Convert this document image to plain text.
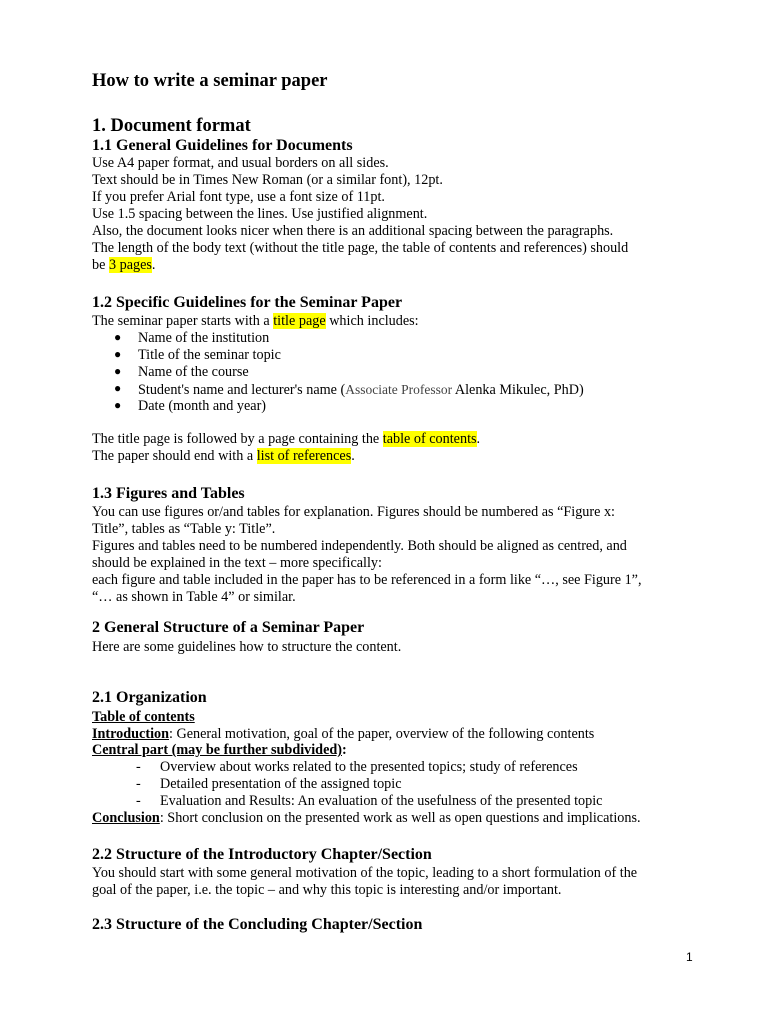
How to write a seminar paper
1. Document format
1.1 General Guidelines for Documents
Use A4 paper format, and usual borders on all sides.
Text should be in Times New Roman (or a similar font), 12pt.
If you prefer Arial font type, use a font size of 11pt.
Use 1.5 spacing between the lines. Use justified alignment.
Also, the document looks nicer when there is an additional spacing between the paragraphs.
The length of the body text (without the title page, the table of contents and references) should
be 3 pages.
1.2 Specific Guidelines for the Seminar Paper
The seminar paper starts with a title page which includes:
● Name of the institution
● Title of the seminar topic
● Name of the course
● Student's name and lecturer's name (Associate Professor Alenka Mikulec, PhD)
● Date (month and year)
The title page is followed by a page containing the table of contents.
The paper should end with a list of references.
1.3 Figures and Tables
You can use figures or/and tables for explanation. Figures should be numbered as “Figure x:
Title”, tables as “Table y: Title”.
Figures and tables need to be numbered independently. Both should be aligned as centred, and
should be explained in the text – more specifically:
each figure and table included in the paper has to be referenced in a form like “…, see Figure 1”,
“… as shown in Table 4” or similar.
2 General Structure of a Seminar Paper
Here are some guidelines how to structure the content.
2.1 Organization
Table of contents
Introduction: General motivation, goal of the paper, overview of the following contents
Central part (may be further subdivided):
- Overview about works related to the presented topics; study of references
- Detailed presentation of the assigned topic
- Evaluation and Results: An evaluation of the usefulness of the presented topic
Conclusion: Short conclusion on the presented work as well as open questions and implications.
2.2 Structure of the Introductory Chapter/Section
You should start with some general motivation of the topic, leading to a short formulation of the
goal of the paper, i.e. the topic – and why this topic is interesting and/or important.
2.3 Structure of the Concluding Chapter/Section
1
